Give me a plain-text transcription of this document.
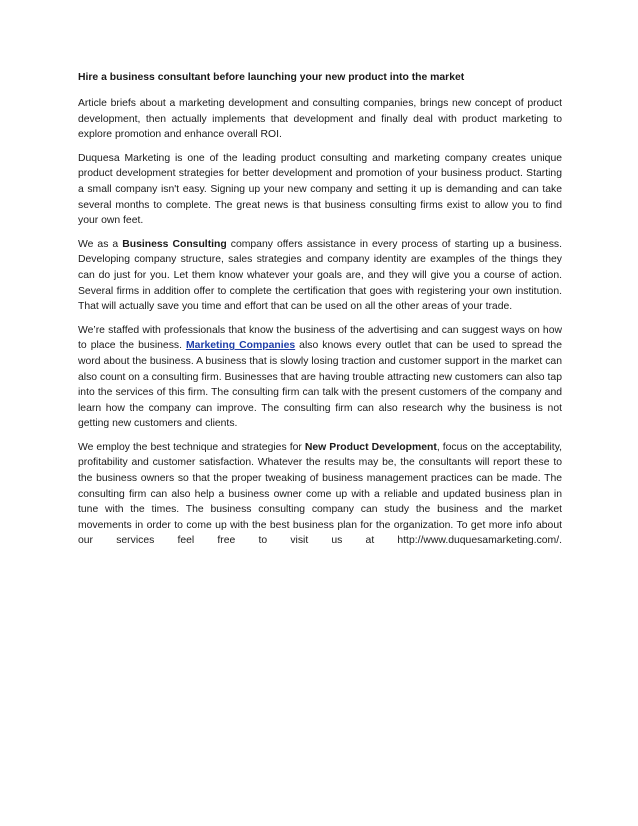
Hire a business consultant before launching your new product into the market

Article briefs about a marketing development and consulting companies, brings new concept of product development, then actually implements that development and finally deal with product marketing to explore promotion and enhance overall ROI.

Duquesa Marketing is one of the leading product consulting and marketing company creates unique product development strategies for better development and promotion of your business product. Starting a small company isn't easy. Signing up your new company and setting it up is demanding and can take several months to complete. The great news is that business consulting firms exist to allow you to find your own feet.

We as a Business Consulting company offers assistance in every process of starting up a business. Developing company structure, sales strategies and company identity are examples of the things they can do just for you. Let them know whatever your goals are, and they will give you a course of action. Several firms in addition offer to complete the certification that goes with registering your own institution. That will actually save you time and effort that can be used on all the other areas of your trade.

We’re staffed with professionals that know the business of the advertising and can suggest ways on how to place the business. Marketing Companies also knows every outlet that can be used to spread the word about the business. A business that is slowly losing traction and customer support in the market can also count on a consulting firm. Businesses that are having trouble attracting new customers can also tap into the services of this firm. The consulting firm can talk with the present customers of the company and learn how the company can improve. The consulting firm can also research why the business is not getting new customers and clients.

We employ the best technique and strategies for New Product Development, focus on the acceptability, profitability and customer satisfaction. Whatever the results may be, the consultants will report these to the business owners so that the proper tweaking of business management practices can be made. The consulting firm can also help a business owner come up with a reliable and updated business plan in tune with the times. The business consulting company can study the business and the market movements in order to come up with the best business plan for the organization. To get more info about our services feel free to visit us at http://www.duquesamarketing.com/.
